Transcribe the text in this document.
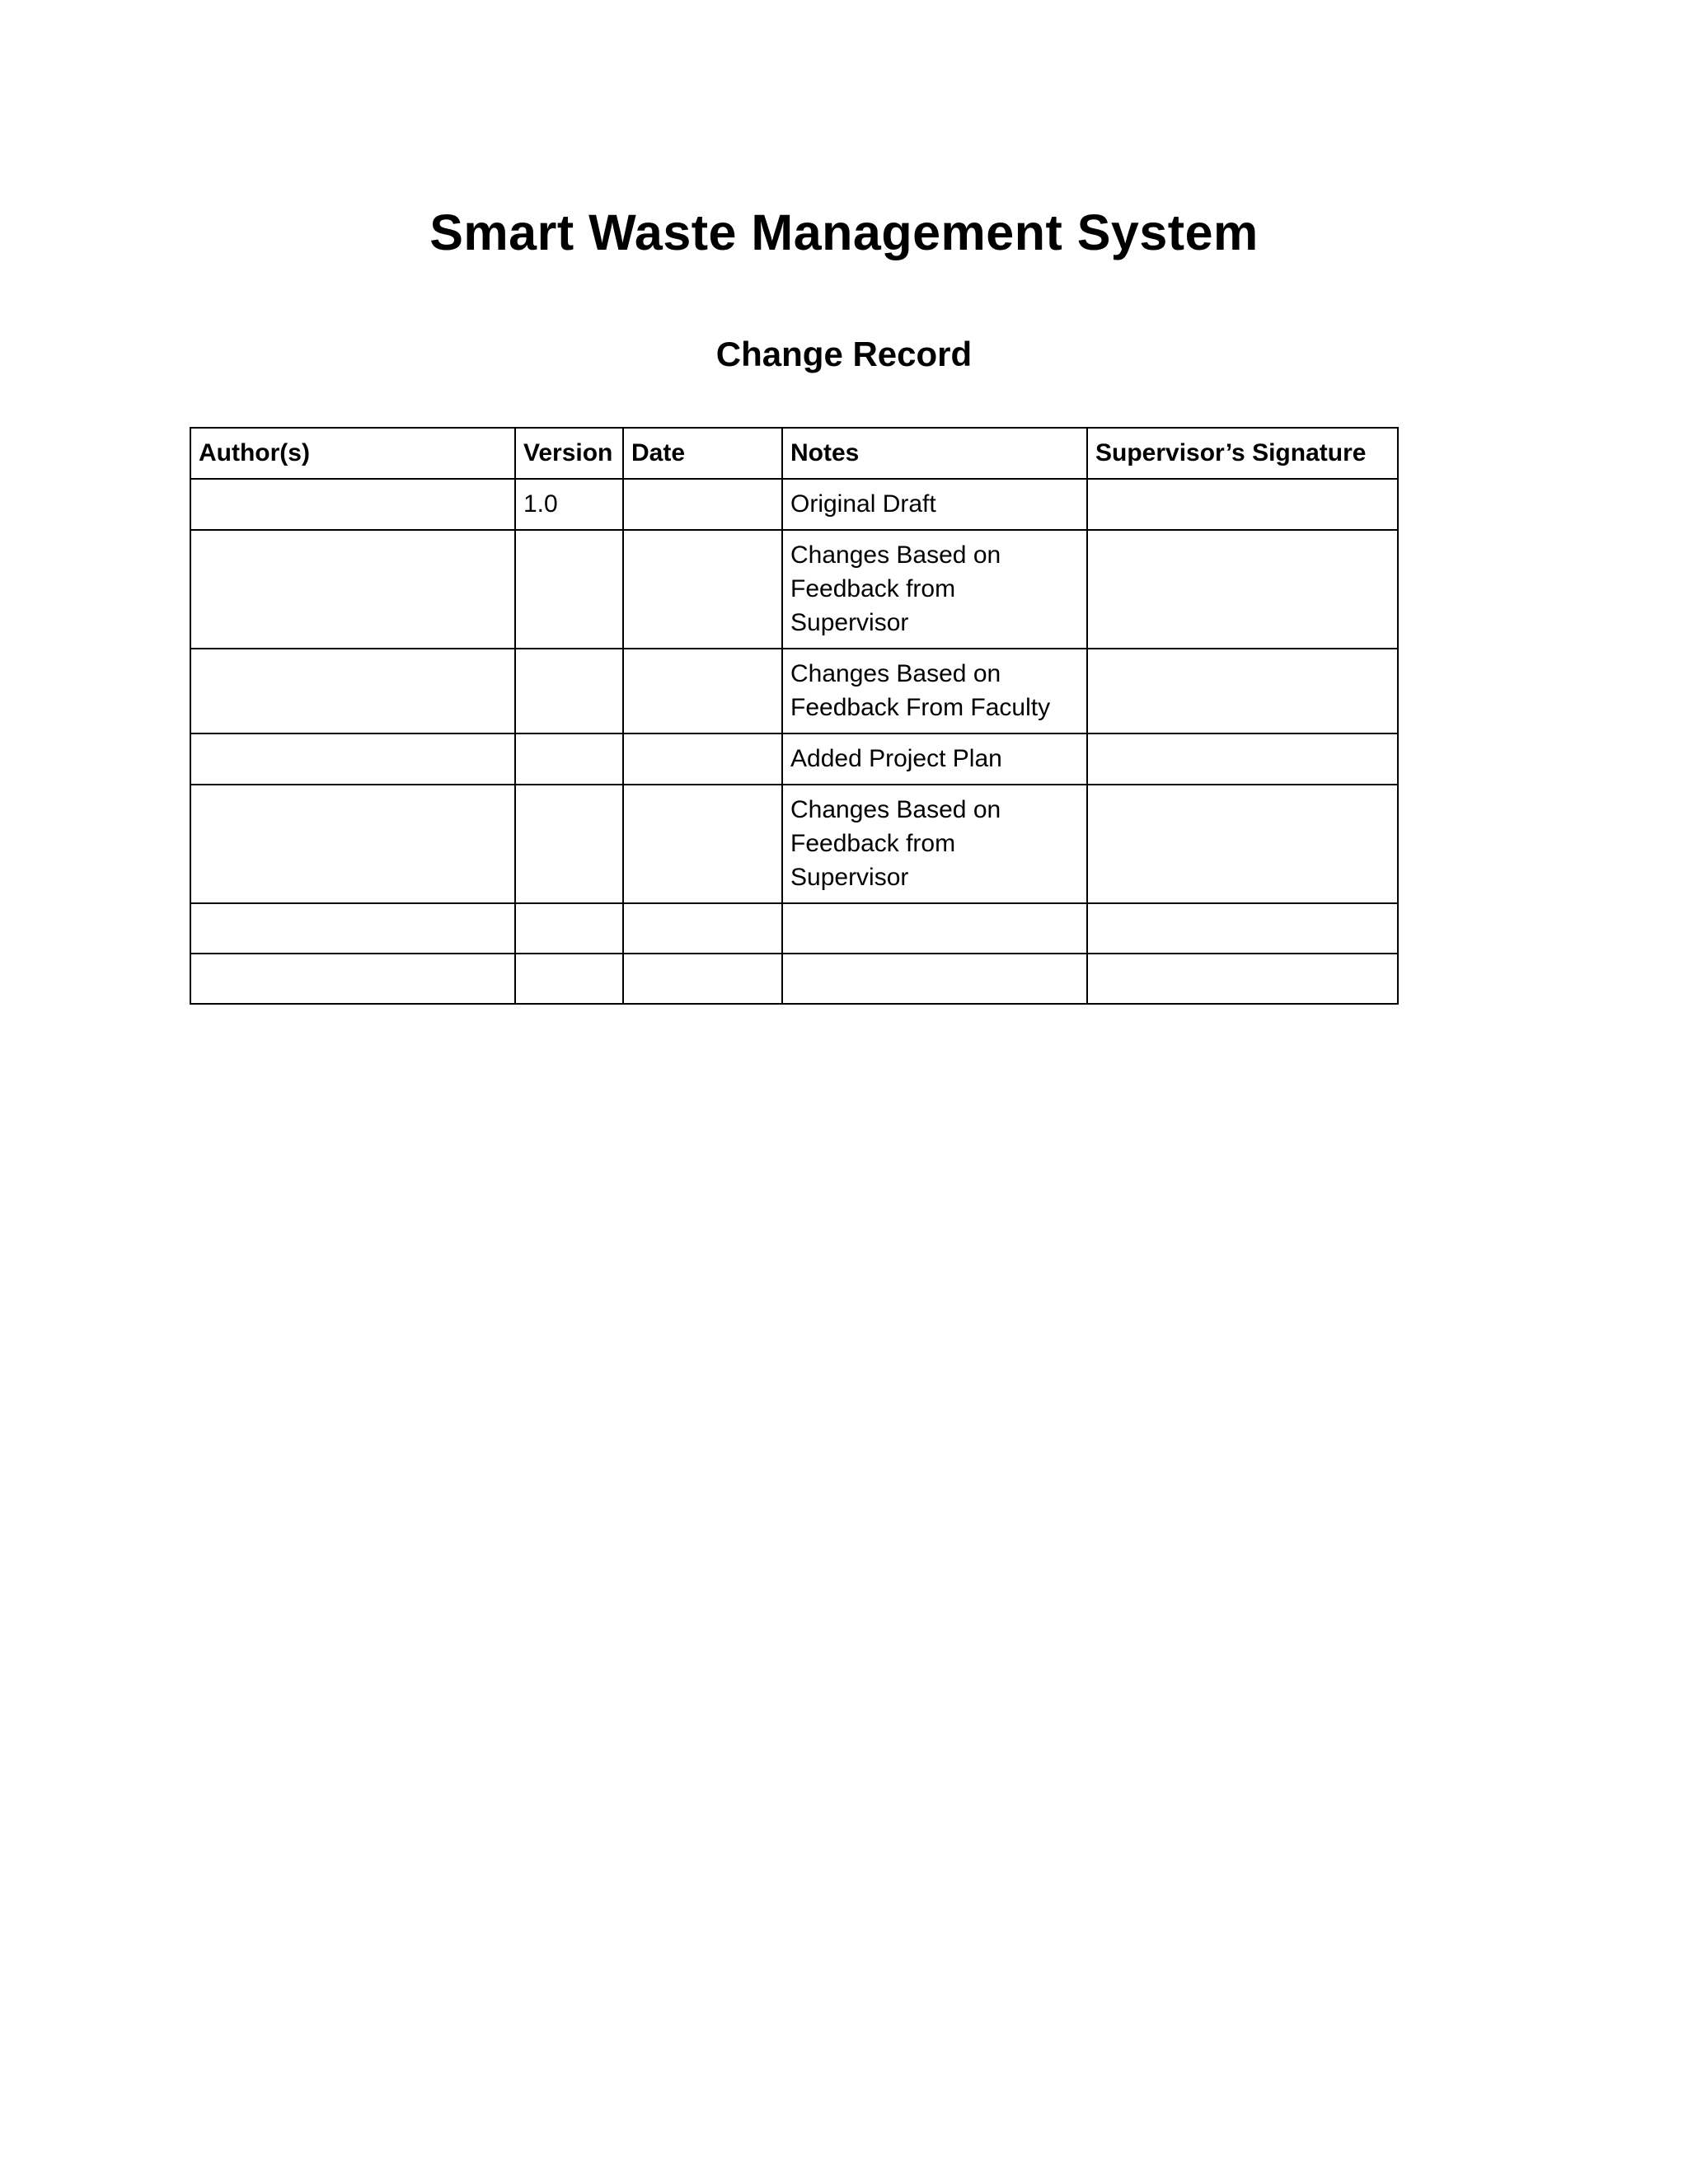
Smart Waste Management System
Change Record
Author(s)	Version	Date	Notes	Supervisor’s Signature
	1.0		Original Draft	
			Changes Based on Feedback from Supervisor	
			Changes Based on Feedback From Faculty	
			Added Project Plan	
			Changes Based on Feedback from Supervisor	
